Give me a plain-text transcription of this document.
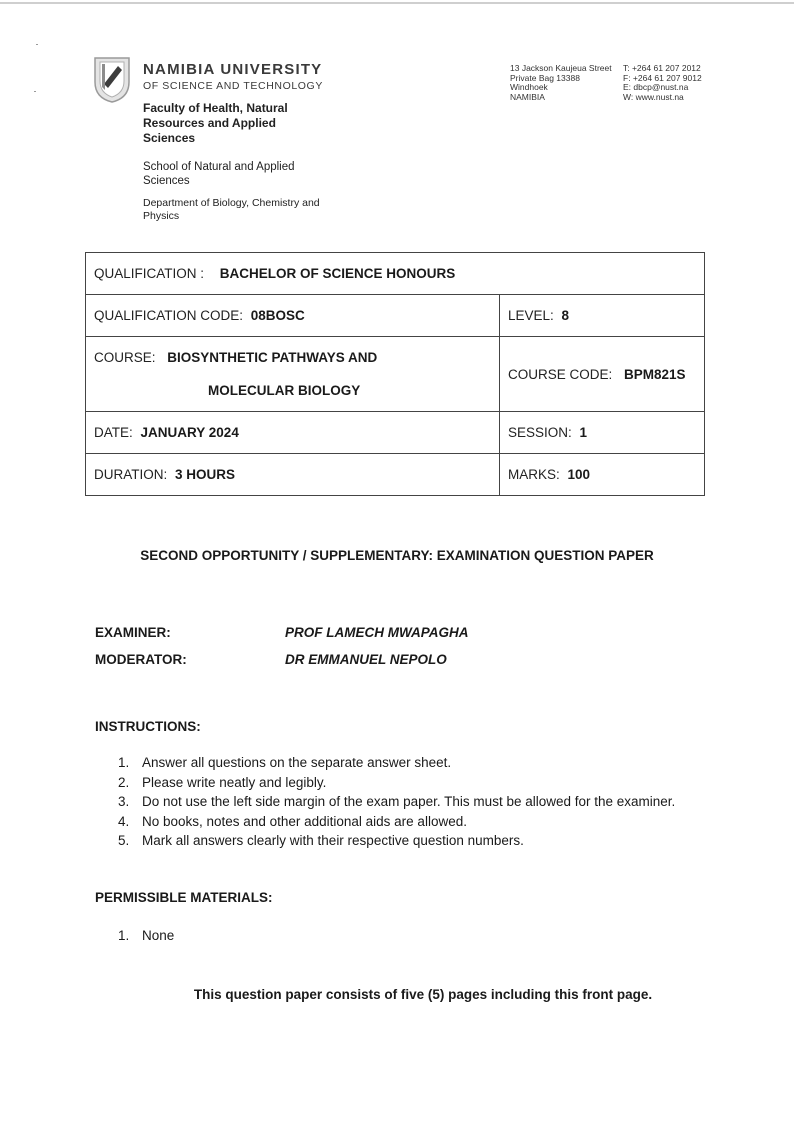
NAMIBIA UNIVERSITY
OF SCIENCE AND TECHNOLOGY
Faculty of Health, Natural Resources and Applied Sciences
School of Natural and Applied Sciences
Department of Biology, Chemistry and Physics
13 Jackson Kaujeua Street
Private Bag 13388
Windhoek
NAMIBIA
T: +264 61 207 2012
F: +264 61 207 9012
E: dbcp@nust.na
W: www.nust.na
QUALIFICATION : BACHELOR OF SCIENCE HONOURS	
QUALIFICATION CODE: 08BOSC	LEVEL: 8

COURSE: BIOSYNTHETIC PATHWAYS AND
MOLECULAR BIOLOGY	COURSE CODE: BPM821S
DATE: JANUARY 2024	SESSION: 1
DURATION: 3 HOURS	MARKS: 100
SECOND OPPORTUNITY / SUPPLEMENTARY: EXAMINATION QUESTION PAPER
EXAMINER:	PROF LAMECH MWAPAGHA
MODERATOR:	DR EMMANUEL NEPOLO
INSTRUCTIONS:
1. Answer all questions on the separate answer sheet.
2. Please write neatly and legibly.
3. Do not use the left side margin of the exam paper. This must be allowed for the examiner.
4. No books, notes and other additional aids are allowed.
5. Mark all answers clearly with their respective question numbers.
PERMISSIBLE MATERIALS:
1. None
This question paper consists of five (5) pages including this front page.
